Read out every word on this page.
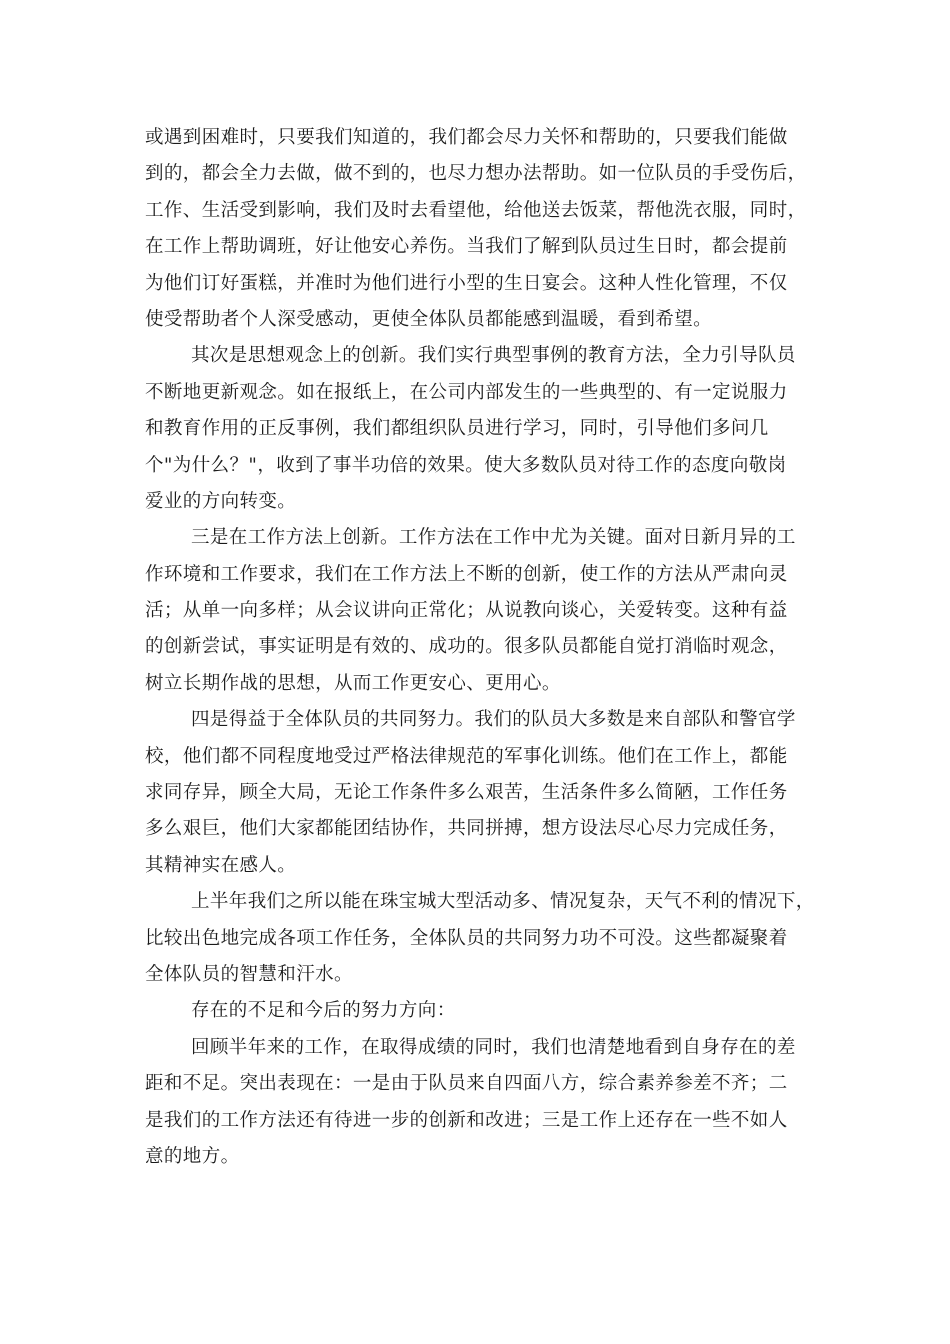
或遇到困难时，只要我们知道的，我们都会尽力关怀和帮助的，只要我们能做
到的，都会全力去做，做不到的，也尽力想办法帮助。如一位队员的手受伤后，
工作、生活受到影响，我们及时去看望他，给他送去饭菜，帮他洗衣服，同时，
在工作上帮助调班，好让他安心养伤。当我们了解到队员过生日时，都会提前
为他们订好蛋糕，并准时为他们进行小型的生日宴会。这种人性化管理，不仅
使受帮助者个人深受感动，更使全体队员都能感到温暖，看到希望。
其次是思想观念上的创新。我们实行典型事例的教育方法，全力引导队员
不断地更新观念。如在报纸上，在公司内部发生的一些典型的、有一定说服力
和教育作用的正反事例，我们都组织队员进行学习，同时，引导他们多问几
个"为什么？"，收到了事半功倍的效果。使大多数队员对待工作的态度向敬岗
爱业的方向转变。
三是在工作方法上创新。工作方法在工作中尤为关键。面对日新月异的工
作环境和工作要求，我们在工作方法上不断的创新，使工作的方法从严肃向灵
活；从单一向多样；从会议讲向正常化；从说教向谈心，关爱转变。这种有益
的创新尝试，事实证明是有效的、成功的。很多队员都能自觉打消临时观念，
树立长期作战的思想，从而工作更安心、更用心。
四是得益于全体队员的共同努力。我们的队员大多数是来自部队和警官学
校，他们都不同程度地受过严格法律规范的军事化训练。他们在工作上，都能
求同存异，顾全大局，无论工作条件多么艰苦，生活条件多么简陋，工作任务
多么艰巨，他们大家都能团结协作，共同拼搏，想方设法尽心尽力完成任务，
其精神实在感人。
上半年我们之所以能在珠宝城大型活动多、情况复杂，天气不利的情况下，
比较出色地完成各项工作任务，全体队员的共同努力功不可没。这些都凝聚着
全体队员的智慧和汗水。
存在的不足和今后的努力方向：
回顾半年来的工作，在取得成绩的同时，我们也清楚地看到自身存在的差
距和不足。突出表现在：一是由于队员来自四面八方，综合素养参差不齐；二
是我们的工作方法还有待进一步的创新和改进；三是工作上还存在一些不如人
意的地方。
